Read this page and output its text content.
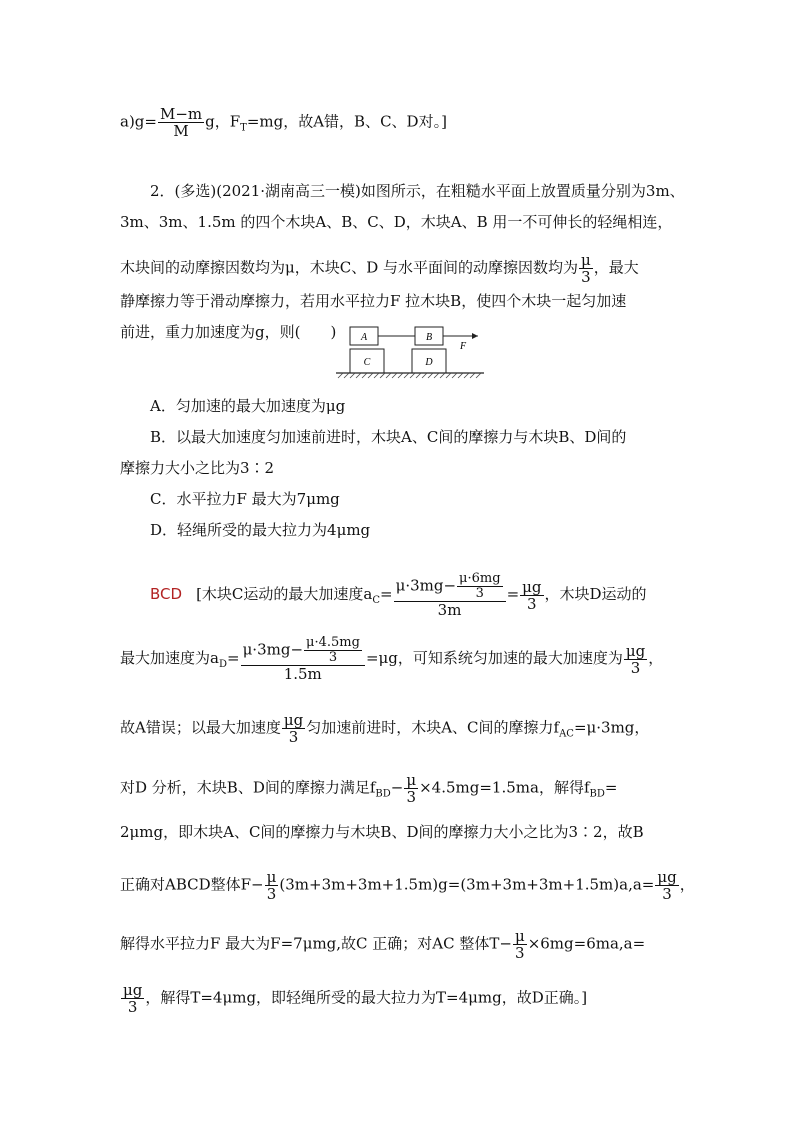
$a)g= \frac{M-m}{M}$ g，$F_T=mg$，故A错，B、C、D对。]
2．(多选)(2021·湖南高三一模)如图所示，在粗糙水平面上放置质量分别为3m、
3m、3m、1.5m 的四个木块A、B、C、D，木块A、B 用一不可伸长的轻绳相连，
木块间的动摩擦因数均为μ，木块C、D 与水平面间的动摩擦因数均为 $\frac{\mu}{3}$ ，最大
静摩擦力等于滑动摩擦力，若用水平拉力F 拉木块B，使四个木块一起匀加速
前进，重力加速度为g，则(　　) A	B
F
C	D
A．匀加速的最大加速度为μg
B．以最大加速度匀加速前进时，木块A、C间的摩擦力与木块B、D间的
摩擦力大小之比为3∶2
C．水平拉力F 最大为7μmg
D．轻绳所受的最大拉力为4μmg
BCD [木块C运动的最大加速度$a_C= \frac{\mu\cdot 3mg- \frac{\mu\cdot 6mg}{3}}{3m} = \frac{\mu g}{3}$ ，木块D运动的
最大加速度为$a_D= \frac{\mu\cdot 3mg- \frac{\mu\cdot 4.5mg}{3}}{1.5m} =\mu g$，可知系统匀加速的最大加速度为 $\frac{\mu g}{3}$ ，
故A错误；以最大加速度 $\frac{\mu g}{3}$ 匀加速前进时，木块A、C间的摩擦力$f_{AC}=\mu\cdot 3mg$，
对D 分析，木块B、D间的摩擦力满足$f_{BD}- \frac{\mu}{3} \times 4.5mg=1.5ma$，解得$f_{BD}=$
2μmg，即木块A、C间的摩擦力与木块B、D间的摩擦力大小之比为3∶2，故B
正确对ABCD整体$F- \frac{\mu}{3} (3m+3m+3m+1.5m)g=(3m+3m+3m+1.5m)a,a= \frac{\mu g}{3}$ ，
解得水平拉力F 最大为F=7μmg,故C 正确；对AC 整体$T- \frac{\mu}{3} \times 6mg=6ma,a=$
$\frac{\mu g}{3}$ ，解得T=4μmg，即轻绳所受的最大拉力为T=4μmg，故D正确。]
